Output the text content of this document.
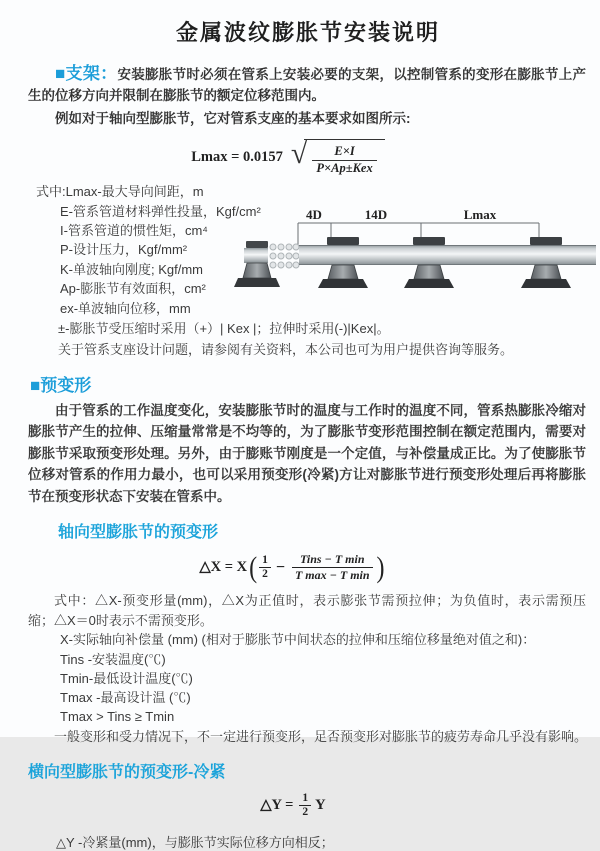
金属波纹膨胀节安装说明

■支架：安装膨胀节时必须在管系上安装必要的支架，以控制管系的变形在膨胀节上产生的位移方向并限制在膨胀节的额定位移范围内。

例如对于轴向型膨胀节，它对管系支座的基本要求如图所示:

Lmax = 0.0157 √ $\frac{E\times I}{\text{P×Ap±Kex}}$
式中:Lmax-最大导向间距，m
E-管系管道材料弹性投量，Kgf/cm²
I-管系管道的惯性矩，cm⁴
P-设计压力，Kgf/mm²
K-单波轴向刚度; Kgf/mm
Ap-膨胀节有效面积，cm²
ex-单波轴向位移，mm
4D	14D	Lmax
±-膨胀节受压缩时采用（+）| Kex |；拉伸时采用(-)|Kex|。
关于管系支座设计问题，请参阅有关资料，本公司也可为用户提供咨询等服务。
■预变形

由于管系的工作温度变化，安装膨胀节时的温度与工作时的温度不同，管系热膨胀冷缩对膨胀节产生的拉伸、压缩量常常是不均等的，为了膨胀节变形范围控制在额定范围内，需要对膨胀节采取预变形处理。另外，由于膨账节刚度是一个定值，与补偿量成正比。为了使膨胀节位移对管系的作用力最小，也可以采用预变形(冷紧)方让对膨胀节进行预变形处理后再将膨胀节在预变形状态下安装在管系中。

轴向型膨胀节的预变形
△X = X ( 1
2 − Tins − T min
T max − T min )

式中：△X-预变形量(mm)，△X为正值时，表示膨张节需预拉伸；为负值时，表示需预压缩；△X＝0时表示不需预变形。

X-实际轴向补偿量 (mm) (相对于膨胀节中间状态的拉伸和压缩位移量绝对值之和)：
Tins -安装温度(℃)
Tmin-最低设计温度(℃)
Tmax -最高设计温 (℃)
Tmax > Tins ≥ Tmin
一般变形和受力情况下，不一定进行预变形，足否预变形对膨胀节的疲劳寿命几乎没有影响。
横向型膨胀节的预变形-冷紧
△Y = $\frac{1}{2}$ Y
△Y -冷紧量(mm)，与膨胀节实际位移方向相反；
